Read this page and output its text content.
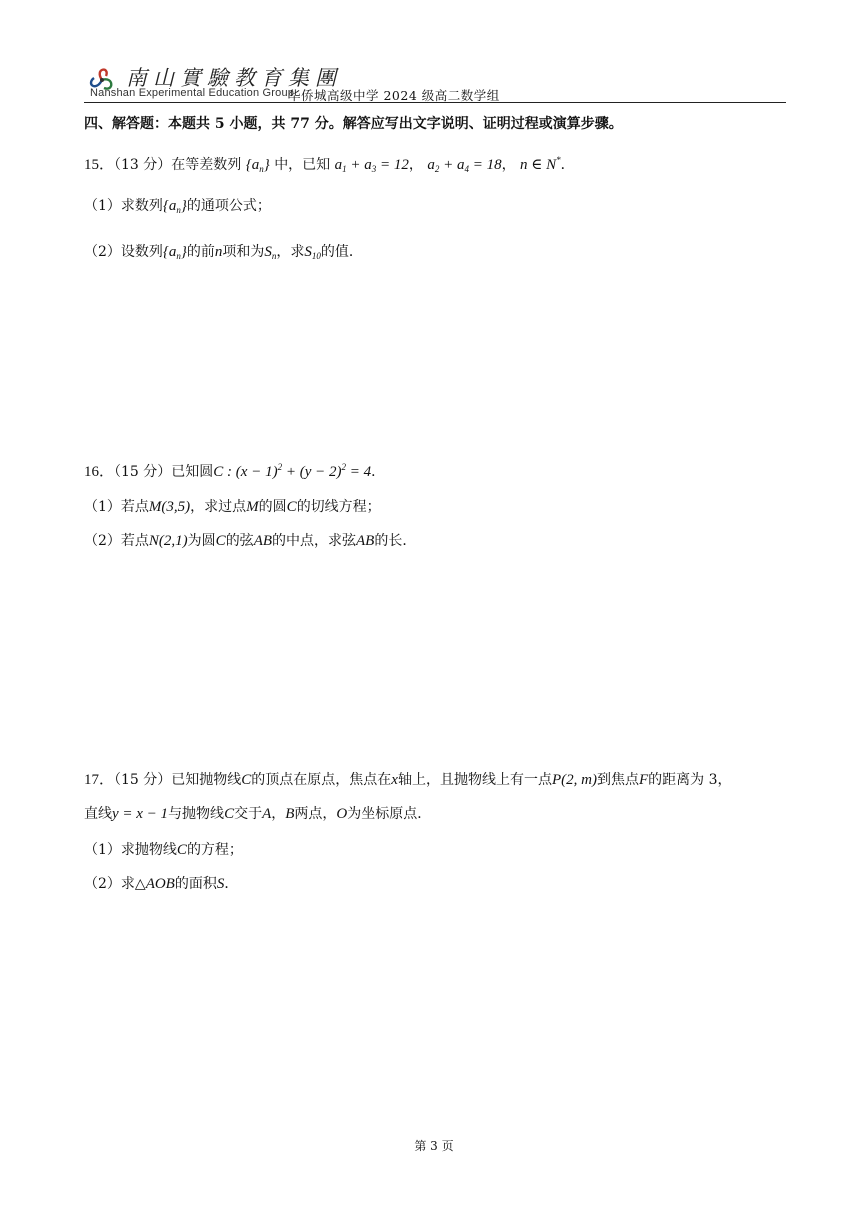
南山實驗教育集團
Nanshan Experimental Education Group
华侨城高级中学 2024 级高二数学组
四、解答题：本题共 5 小题，共 77 分。解答应写出文字说明、证明过程或演算步骤。
15．（13 分）在等差数列 $\{a_n\}$ 中，已知 $a_1 + a_3 = 12$， $a_2 + a_4 = 18$， n ∈ N*．
（1）求数列$\{a_n\}$的通项公式；
（2）设数列$\{a_n\}$的前n项和为$S_n$，求$S_{10}$的值．
16．（15 分）已知圆C : $(x - 1)^2 + (y - 2)^2 = 4$．
（1）若点M(3,5)，求过点M的圆C的切线方程；
（2）若点N(2,1)为圆C的弦AB的中点，求弦AB的长．
17．（15 分）已知抛物线C的顶点在原点，焦点在x轴上，且抛物线上有一点P(2, m)到焦点F的距离为 3，
直线y = x − 1与抛物线C交于A，B两点，O为坐标原点．
（1）求抛物线C的方程；
（2）求△AOB的面积S．
第 3 页
